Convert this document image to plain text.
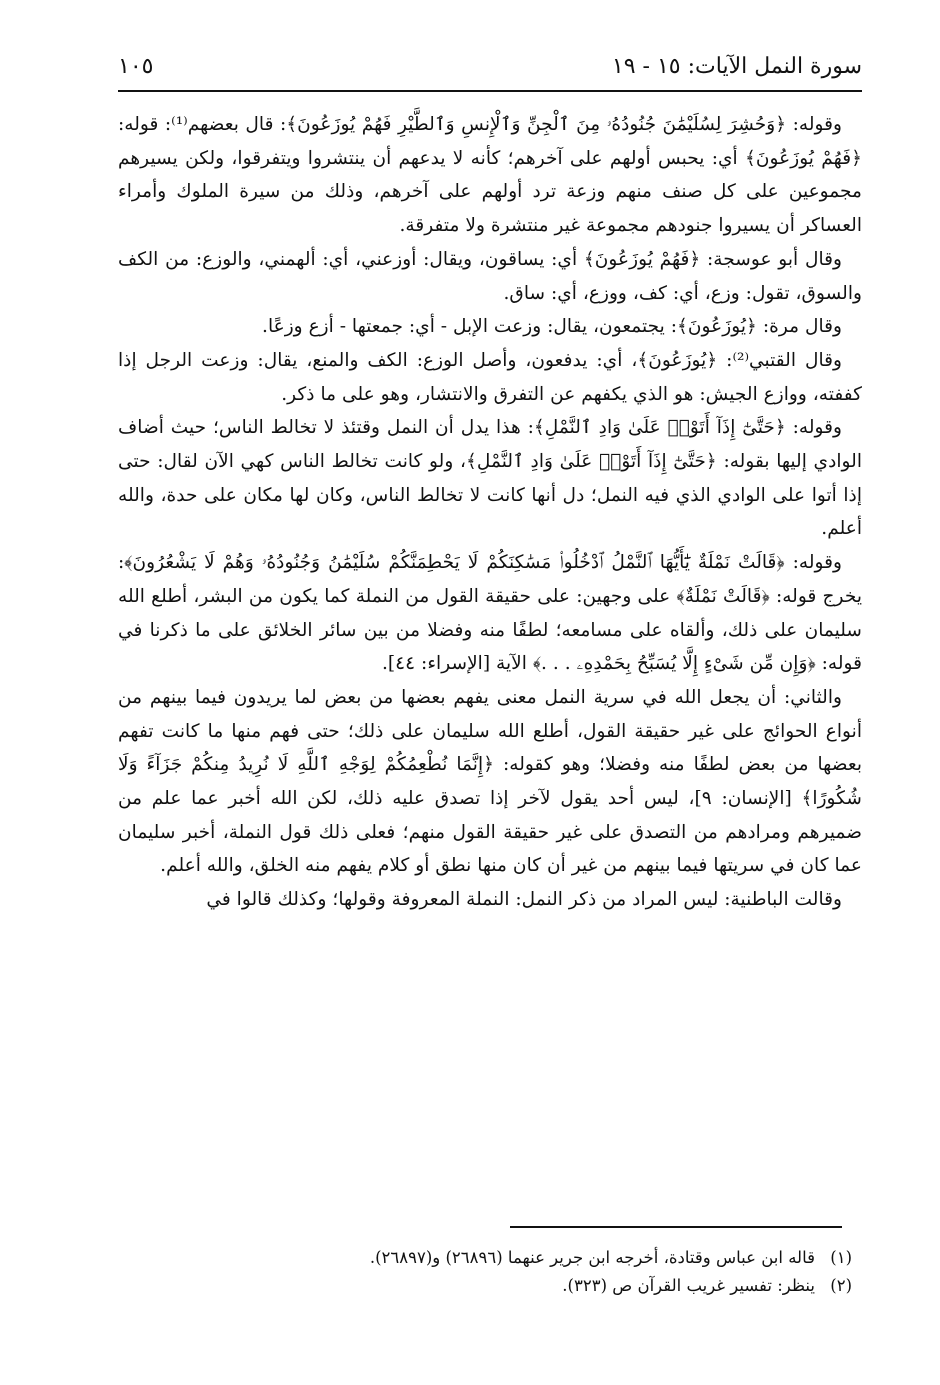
سورة النمل الآيات: ١٥ - ١٩
١٠٥

وقوله: ﴿وَحُشِرَ لِسُلَيْمَٰنَ جُنُودُهُۥ مِنَ ٱلْجِنِّ وَٱلْإِنسِ وَٱلطَّيْرِ فَهُمْ يُوزَعُونَ﴾: قال بعضهم⁽¹⁾: قوله: ﴿فَهُمْ يُوزَعُونَ﴾ أي: يحبس أولهم على آخرهم؛ كأنه لا يدعهم أن ينتشروا ويتفرقوا، ولكن يسيرهم مجموعين على كل صنف منهم وزعة ترد أولهم على آخرهم، وذلك من سيرة الملوك وأمراء العساكر أن يسيروا جنودهم مجموعة غير منتشرة ولا متفرقة.

وقال أبو عوسجة: ﴿فَهُمْ يُوزَعُونَ﴾ أي: يساقون، ويقال: أوزعني، أي: ألهمني، والوزع: من الكف والسوق، تقول: وزع، أي: كف، ووزع، أي: ساق.

وقال مرة: ﴿يُوزَعُونَ﴾: يجتمعون، يقال: وزعت الإبل - أي: جمعتها - أزع وزعًا.

وقال القتبي⁽²⁾: ﴿يُوزَعُونَ﴾، أي: يدفعون، وأصل الوزع: الكف والمنع، يقال: وزعت الرجل إذا كففته، ووازع الجيش: هو الذي يكفهم عن التفرق والانتشار، وهو على ما ذكر.

وقوله: ﴿حَتَّىٰٓ إِذَآ أَتَوْا۟ عَلَىٰ وَادِ ٱلنَّمْلِ﴾: هذا يدل أن النمل وقتئذ لا تخالط الناس؛ حيث أضاف الوادي إليها بقوله: ﴿حَتَّىٰٓ إِذَآ أَتَوْا۟ عَلَىٰ وَادِ ٱلنَّمْلِ﴾، ولو كانت تخالط الناس كهي الآن لقال: حتى إذا أتوا على الوادي الذي فيه النمل؛ دل أنها كانت لا تخالط الناس، وكان لها مكان على حدة، والله أعلم.

وقوله: ﴿قَالَتْ نَمْلَةٌ يَٰٓأَيُّهَا ٱلنَّمْلُ ٱدْخُلُوا۟ مَسَٰكِنَكُمْ لَا يَحْطِمَنَّكُمْ سُلَيْمَٰنُ وَجُنُودُهُۥ وَهُمْ لَا يَشْعُرُونَ﴾: يخرج قوله: ﴿قَالَتْ نَمْلَةٌ﴾ على وجهين: على حقيقة القول من النملة كما يكون من البشر، أطلع الله سليمان على ذلك، وألقاه على مسامعه؛ لطفًا منه وفضلا من بين سائر الخلائق على ما ذكرنا في قوله: ﴿وَإِن مِّن شَىْءٍ إِلَّا يُسَبِّحُ بِحَمْدِهِۦ . . .﴾ الآية [الإسراء: ٤٤].

والثاني: أن يجعل الله في سرية النمل معنى يفهم بعضها من بعض لما يريدون فيما بينهم من أنواع الحوائج على غير حقيقة القول، أطلع الله سليمان على ذلك؛ حتى فهم منها ما كانت تفهم بعضها من بعض لطفًا منه وفضلا؛ وهو كقوله: ﴿إِنَّمَا نُطْعِمُكُمْ لِوَجْهِ ٱللَّهِ لَا نُرِيدُ مِنكُمْ جَزَآءً وَلَا شُكُورًا﴾ [الإنسان: ٩]، ليس أحد يقول لآخر إذا تصدق عليه ذلك، لكن الله أخبر عما علم من ضميرهم ومرادهم من التصدق على غير حقيقة القول منهم؛ فعلى ذلك قول النملة، أخبر سليمان عما كان في سريتها فيما بينهم من غير أن كان منها نطق أو كلام يفهم منه الخلق، والله أعلم.

وقالت الباطنية: ليس المراد من ذكر النمل: النملة المعروفة وقولها؛ وكذلك قالوا في

(١) قاله ابن عباس وقتادة، أخرجه ابن جرير عنهما (٢٦٨٩٦) و(٢٦٨٩٧).

(٢) ينظر: تفسير غريب القرآن ص (٣٢٣).
